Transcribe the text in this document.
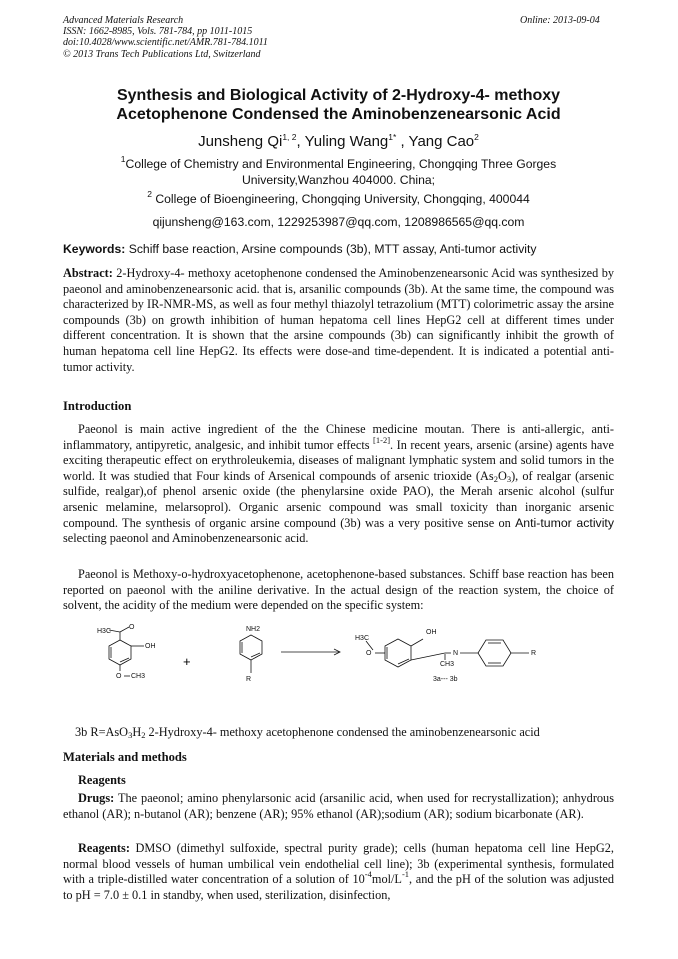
Advanced Materials Research
ISSN: 1662-8985, Vols. 781-784, pp 1011-1015
doi:10.4028/www.scientific.net/AMR.781-784.1011
© 2013 Trans Tech Publications Ltd, Switzerland
Online: 2013-09-04
Synthesis and Biological Activity of 2-Hydroxy-4- methoxy
Acetophenone Condensed the Aminobenzenearsonic Acid
Junsheng Qi$^{1, 2}$, Yuling Wang$^{1*}$ , Yang Cao$^2$
$^1$College of Chemistry and Environmental Engineering, Chongqing Three Gorges
University,Wanzhou 404000. China;
$^2$ College of Bioengineering, Chongqing University, Chongqing, 400044
qijunsheng@163.com, 1229253987@qq.com, 1208986565@qq.com
Keywords: Schiff base reaction, Arsine compounds (3b), MTT assay, Anti-tumor activity
Abstract: 2-Hydroxy-4- methoxy acetophenone condensed the Aminobenzenearsonic Acid was synthesized by paeonol and aminobenzenearsonic acid. that is, arsanilic compounds (3b). At the same time, the compound was characterized by IR-NMR-MS, as well as four methyl thiazolyl tetrazolium (MTT) colorimetric assay the arsine compounds (3b) on growth inhibition of human hepatoma cell lines HepG2 cell at different times under different concentration. It is shown that the arsine compounds (3b) can significantly inhibit the growth of human hepatoma cell line HepG2. Its effects were dose-and time-dependent. It is indicated a potential anti-tumor activity.
Introduction
Paeonol is main active ingredient of the the Chinese medicine moutan. There is anti-allergic, anti-inflammatory, antipyretic, analgesic, and inhibit tumor effects [1-2]. In recent years, arsenic (arsine) agents have exciting therapeutic effect on erythroleukemia, diseases of malignant lymphatic system and solid tumors in the world. It was studied that Four kinds of Arsenical compounds of arsenic trioxide $(As_2O_3)$, of realgar (arsenic sulfide, realgar),of phenol arsenic oxide (the phenylarsine oxide PAO), the Merah arsenic alcohol (sulfur arsenic melamine, melarsoprol). Organic arsenic compound was small toxicity than inorganic arsenic compound. The synthesis of organic arsine compound (3b) was a very positive sense on Anti-tumor activity selecting paeonol and Aminobenzenearsonic acid.
Paeonol is Methoxy-o-hydroxyacetophenone, acetophenone-based substances. Schiff base reaction has been reported on paeonol with the aniline derivative. In the actual design of the reaction system, the choice of solvent, the acidity of the medium were depended on the specific system:
H3C
O
OH
O CH3
NH2
R
H3C
O
OH
N
CH3
R
3a--- 3b
+
3b $R=AsO_3H_2$ 2-Hydroxy-4- methoxy acetophenone condensed the aminobenzenearsonic acid
Materials and methods
Reagents
Drugs: The paeonol; amino phenylarsonic acid (arsanilic acid, when used for recrystallization); anhydrous ethanol (AR); n-butanol (AR); benzene (AR); 95% ethanol (AR);sodium (AR); sodium bicarbonate (AR).
Reagents: DMSO (dimethyl sulfoxide, spectral purity grade); cells (human hepatoma cell line HepG2, normal blood vessels of human umbilical vein endothelial cell line); 3b (experimental synthesis, formulated with a triple-distilled water concentration of a solution of $10^{-4}mol/L^{-1}$, and the pH of the solution was adjusted to pH = 7.0 ± 0.1 in standby, when used, sterilization, disinfection,
